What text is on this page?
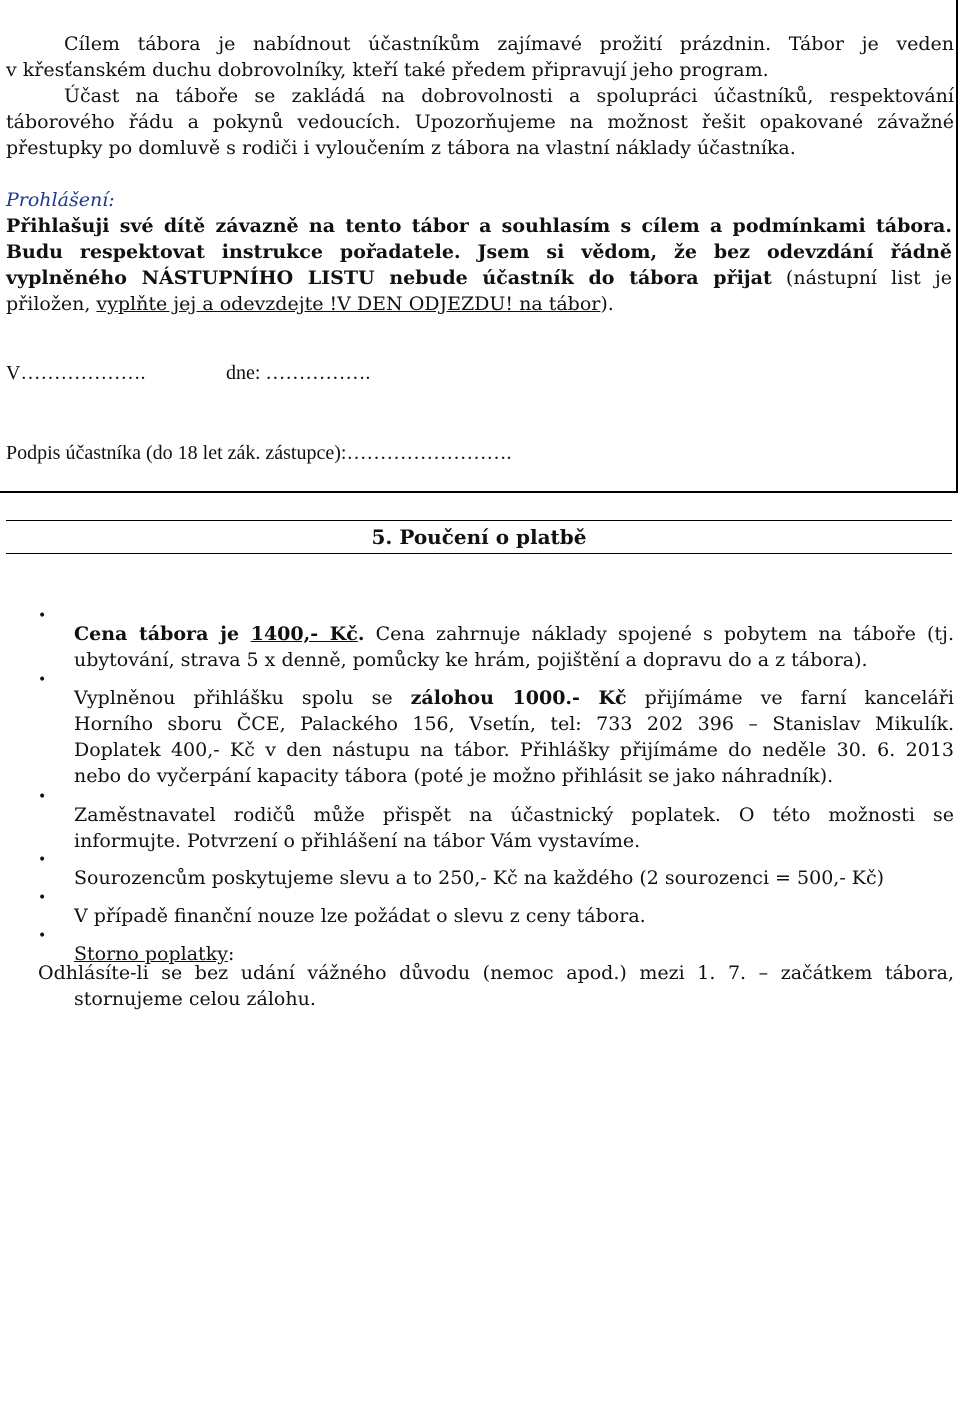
Cílem tábora je nabídnout účastníkům zajímavé prožití prázdnin. Tábor je veden

v křesťanském duchu dobrovolníky, kteří také předem připravují jeho program.

Účast na táboře se zakládá na dobrovolnosti a spolupráci účastníků, respektování

táborového řádu a pokynů vedoucích. Upozorňujeme na možnost řešit opakované závažné

přestupky po domluvě s rodiči i vyloučením z tábora na vlastní náklady účastníka.

Prohlášení:

Přihlašuji své dítě závazně na tento tábor a souhlasím s cílem a podmínkami tábora.

Budu respektovat instrukce pořadatele. Jsem si vědom, že bez odevzdání řádně

vyplněného NÁSTUPNÍHO LISTU nebude účastník do tábora přijat (nástupní list je

přiložen, vyplňte jej a odevzdejte !V DEN ODJEZDU! na tábor).

V……………….	dne: …………….
Podpis účastníka (do 18 let zák. zástupce):…………………….
5. Poučení o platbě
•

Cena tábora je 1400,- Kč. Cena zahrnuje náklady spojené s pobytem na táboře (tj.

ubytování, strava 5 x denně, pomůcky ke hrám, pojištění a dopravu do a z tábora).

•

Vyplněnou přihlášku spolu se zálohou 1000.- Kč přijímáme ve farní kanceláři

Horního sboru ČCE, Palackého 156, Vsetín, tel: 733 202 396 – Stanislav Mikulík.

Doplatek 400,- Kč v den nástupu na tábor. Přihlášky přijímáme do neděle 30. 6. 2013

nebo do vyčerpání kapacity tábora (poté je možno přihlásit se jako náhradník).

•

Zaměstnavatel rodičů může přispět na účastnický poplatek. O této možnosti se

informujte. Potvrzení o přihlášení na tábor Vám vystavíme.

•

Sourozencům poskytujeme slevu a to 250,- Kč na každého (2 sourozenci = 500,- Kč)

•

V případě finanční nouze lze požádat o slevu z ceny tábora.

•

Storno poplatky:

Odhlásíte-li se bez udání vážného důvodu (nemoc apod.) mezi 1. 7. – začátkem tábora,

stornujeme celou zálohu.
